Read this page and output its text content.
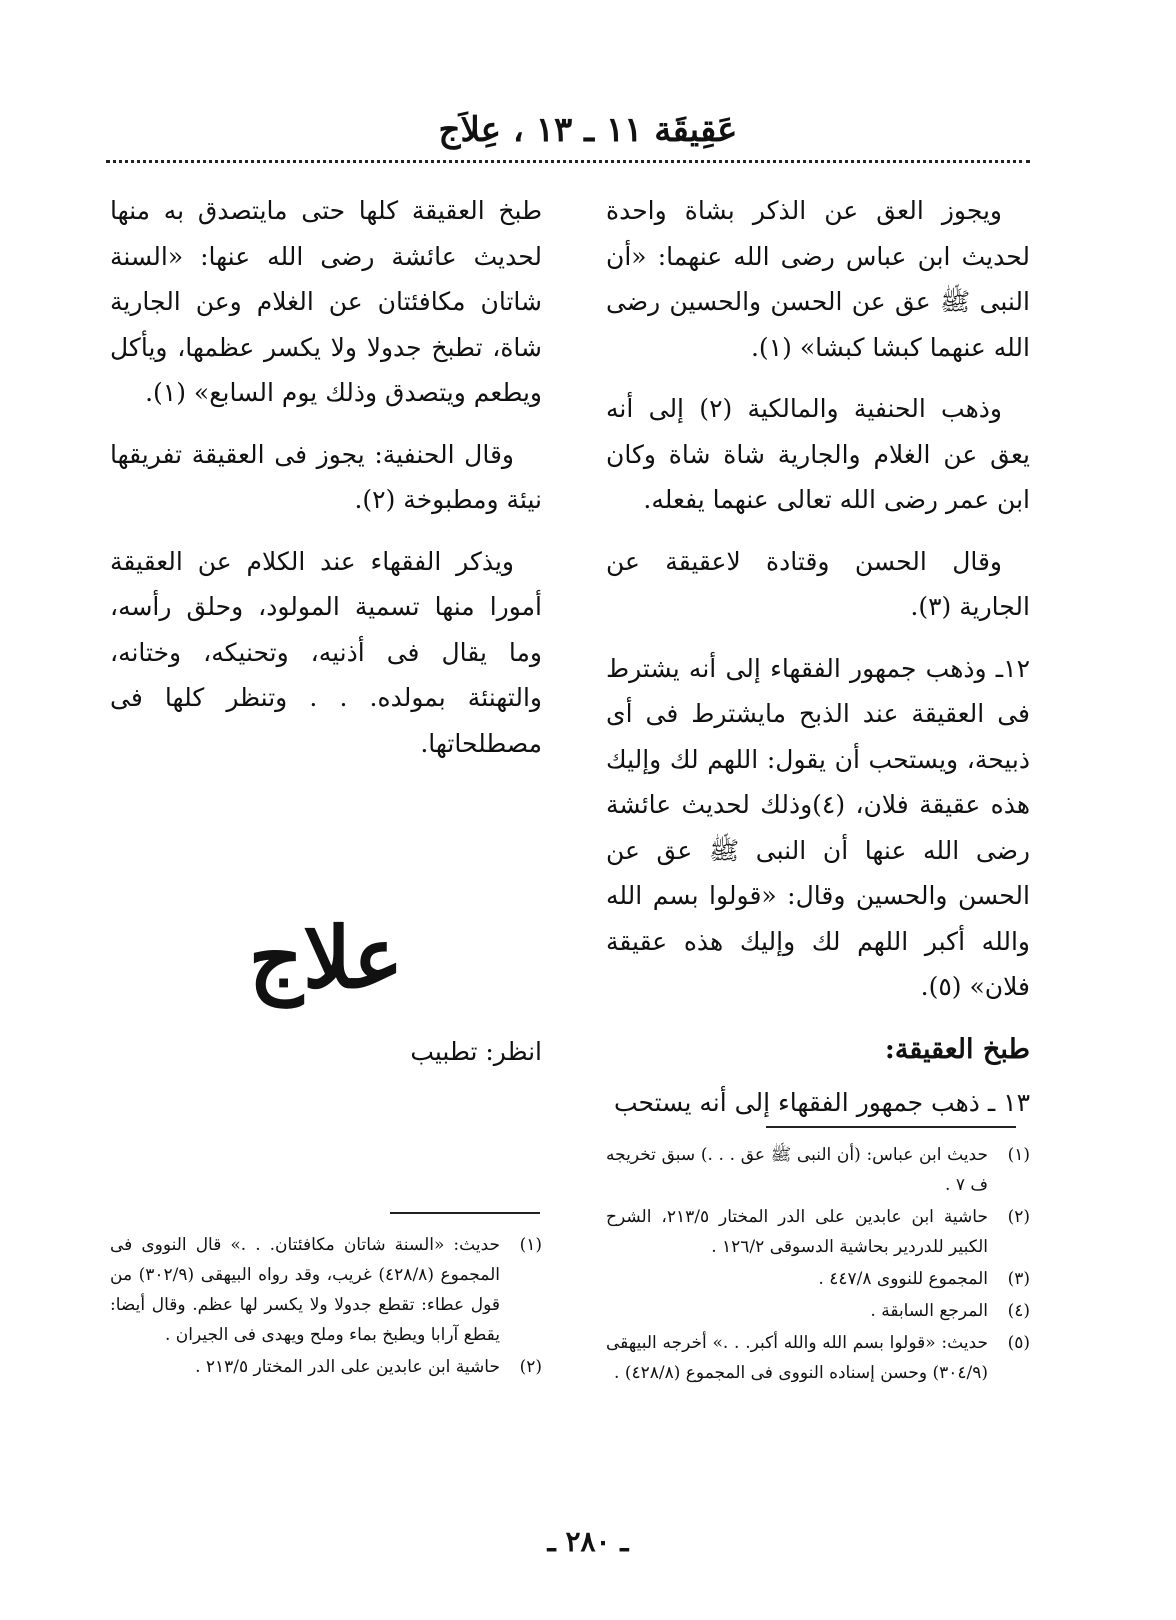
عَقِيقَة ١١ ـ ١٣ ، عِلاَج

ويجوز العق عن الذكر بشاة واحدة لحديث ابن عباس رضى الله عنهما: «أن النبى ﷺ عق عن الحسن والحسين رضى الله عنهما كبشا كبشا» (١).

وذهب الحنفية والمالكية (٢) إلى أنه يعق عن الغلام والجارية شاة شاة وكان ابن عمر رضى الله تعالى عنهما يفعله.

وقال الحسن وقتادة لاعقيقة عن الجارية (٣).

١٢ـ وذهب جمهور الفقهاء إلى أنه يشترط فى العقيقة عند الذبح مايشترط فى أى ذبيحة، ويستحب أن يقول: اللهم لك وإليك هذه عقيقة فلان، (٤)وذلك لحديث عائشة رضى الله عنها أن النبى ﷺ عق عن الحسن والحسين وقال: «قولوا بسم الله والله أكبر اللهم لك وإليك هذه عقيقة فلان» (٥).

طبخ العقيقة:

١٣ ـ ذهب جمهور الفقهاء إلى أنه يستحب

طبخ العقيقة كلها حتى مايتصدق به منها لحديث عائشة رضى الله عنها: «السنة شاتان مكافئتان عن الغلام وعن الجارية شاة، تطبخ جدولا ولا يكسر عظمها، ويأكل ويطعم ويتصدق وذلك يوم السابع» (١).

وقال الحنفية: يجوز فى العقيقة تفريقها نيئة ومطبوخة (٢).

ويذكر الفقهاء عند الكلام عن العقيقة أمورا منها تسمية المولود، وحلق رأسه، وما يقال فى أذنيه، وتحنيكه، وختانه، والتهنئة بمولده. . . وتنظر كلها فى مصطلحاتها.

علاج
انظر: تطبيب
(١)
حديث ابن عباس: (أن النبى ﷺ عق . . .) سبق تخريجه ف ٧ .
(٢)
حاشية ابن عابدين على الدر المختار ٢١٣/٥، الشرح الكبير للدردير بحاشية الدسوقى ١٢٦/٢ .
(٣)
المجموع للنووى ٤٤٧/٨ .
(٤)
المرجع السابقة .
(٥)
حديث: «قولوا بسم الله والله أكبر. . .» أخرجه البيهقى (٣٠٤/٩) وحسن إسناده النووى فى المجموع (٤٢٨/٨) .
(١)
حديث: «السنة شاتان مكافئتان. . .» قال النووى فى المجموع (٤٢٨/٨) غريب، وقد رواه البيهقى (٣٠٢/٩) من قول عطاء: تقطع جدولا ولا يكسر لها عظم. وقال أيضا: يقطع آرابا ويطبخ بماء وملح ويهدى فى الجيران .
(٢)
حاشية ابن عابدين على الدر المختار ٢١٣/٥ .
ـ ٢٨٠ ـ
